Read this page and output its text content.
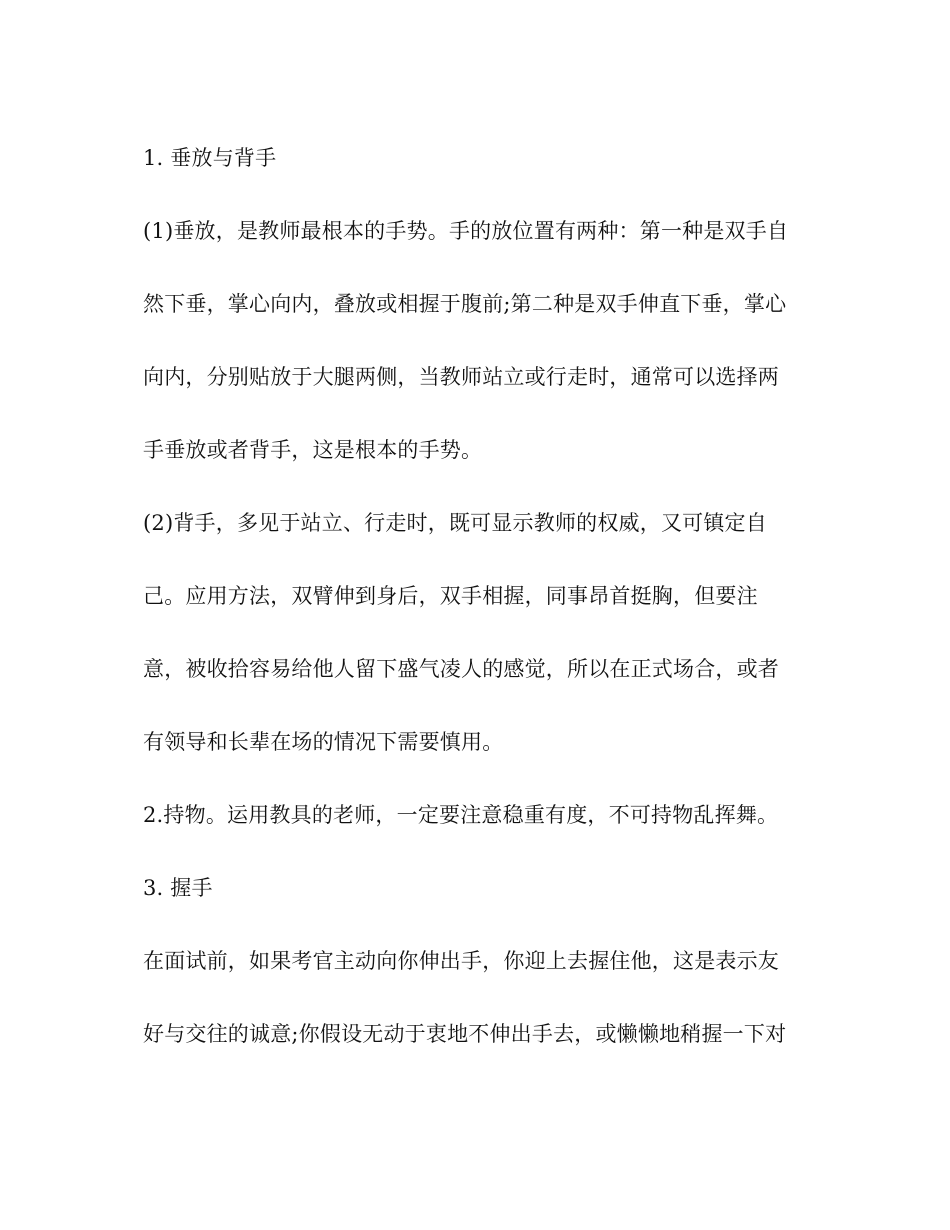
1. 垂放与背手
(1)垂放，是教师最根本的手势。手的放位置有两种：第一种是双手自
然下垂，掌心向内，叠放或相握于腹前;第二种是双手伸直下垂，掌心
向内，分别贴放于大腿两侧，当教师站立或行走时，通常可以选择两
手垂放或者背手，这是根本的手势。
(2)背手，多见于站立、行走时，既可显示教师的权威，又可镇定自
己。应用方法，双臂伸到身后，双手相握，同事昂首挺胸，但要注
意，被收拾容易给他人留下盛气凌人的感觉，所以在正式场合，或者
有领导和长辈在场的情况下需要慎用。
2.持物。运用教具的老师，一定要注意稳重有度，不可持物乱挥舞。
3. 握手
在面试前，如果考官主动向你伸出手，你迎上去握住他，这是表示友
好与交往的诚意;你假设无动于衷地不伸出手去，或懒懒地稍握一下对
